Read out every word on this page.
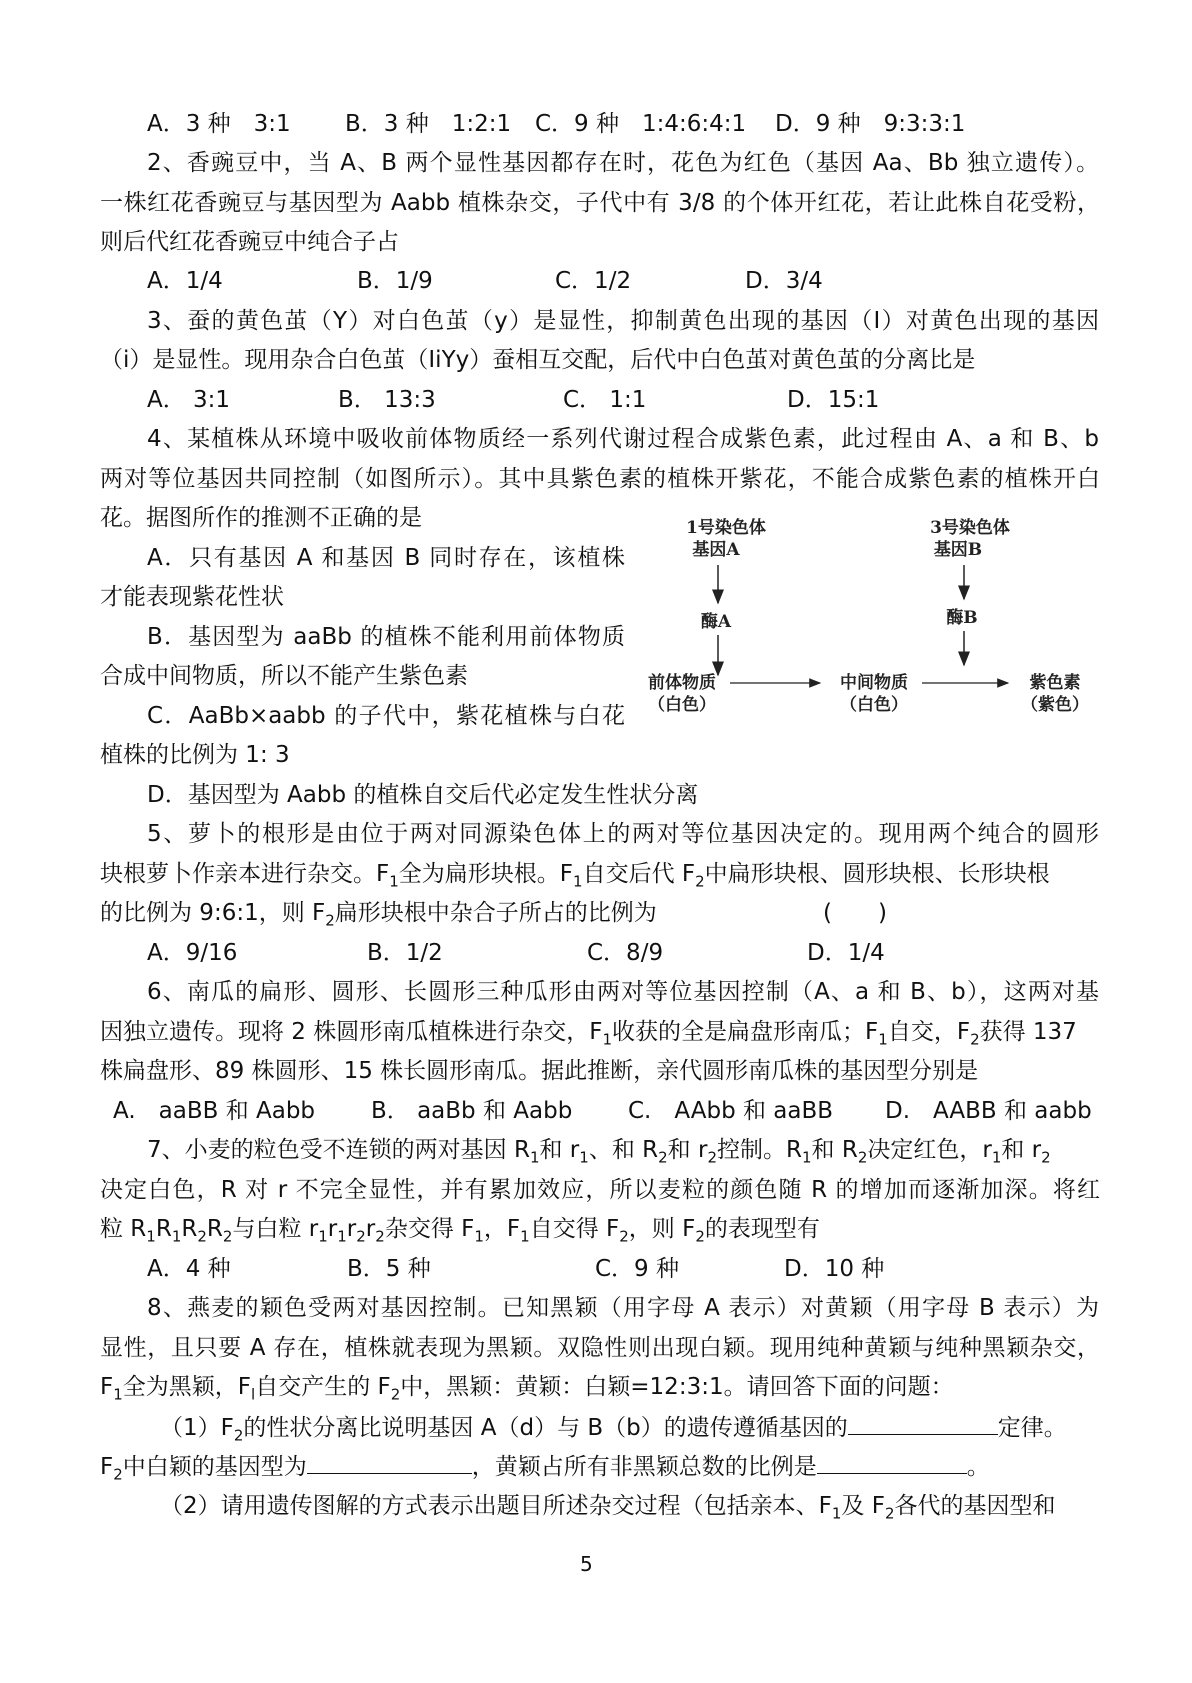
A．3 种　3:1 B．3 种　1:2:1 C．9 种　1:4:6:4:1 D．9 种　9:3:3:1
2、香豌豆中，当 A、B 两个显性基因都存在时，花色为红色（基因 Aa、Bb 独立遗传）。
一株红花香豌豆与基因型为 Aabb 植株杂交，子代中有 3/8 的个体开红花，若让此株自花受粉，
则后代红花香豌豆中纯合子占
A．1/4	B．1/9	C．1/2	D．3/4
3、蚕的黄色茧（Y）对白色茧（y）是显性，抑制黄色出现的基因（I）对黄色出现的基因
（i）是显性。现用杂合白色茧（IiYy）蚕相互交配，后代中白色茧对黄色茧的分离比是
A． 3:1	B． 13:3	C． 1:1	D．15:1
4、某植株从环境中吸收前体物质经一系列代谢过程合成紫色素，此过程由 A、a 和 B、b
两对等位基因共同控制（如图所示）。其中具紫色素的植株开紫花，不能合成紫色素的植株开白
花。据图所作的推测不正确的是
A．只有基因 A 和基因 B 同时存在，该植株
才能表现紫花性状
B．基因型为 aaBb 的植株不能利用前体物质
合成中间物质，所以不能产生紫色素
C．AaBb×aabb 的子代中，紫花植株与白花
植株的比例为 1: 3
D．基因型为 Aabb 的植株自交后代必定发生性状分离
1号染色体
基因A
酶A
3号染色体
基因B
酶B
前体物质
（白色）
中间物质
（白色）
紫色素
（紫色）
5、萝卜的根形是由位于两对同源染色体上的两对等位基因决定的。现用两个纯合的圆形
块根萝卜作亲本进行杂交。$F_1$全为扁形块根。$F_1$自交后代 $F_2$中扁形块根、圆形块根、长形块根
的比例为 9:6:1，则 $F_2$扁形块根中杂合子所占的比例为	(　　)
A．9/16	B．1/2	C．8/9	D．1/4
6、南瓜的扁形、圆形、长圆形三种瓜形由两对等位基因控制（A、a 和 B、b），这两对基
因独立遗传。现将 2 株圆形南瓜植株进行杂交，$F_1$收获的全是扁盘形南瓜；$F_1$自交，$F_2$获得 137
株扁盘形、89 株圆形、15 株长圆形南瓜。据此推断，亲代圆形南瓜株的基因型分别是
A.　aaBB 和 Aabb B． aaBb 和 Aabb C.　AAbb 和 aaBB D.　AABB 和 aabb
7、小麦的粒色受不连锁的两对基因 $R_1$和 $r_1$、和 $R_2$和 $r_2$控制。$R_1$和 $R_2$决定红色，$r_1$和 $r_2$
决定白色，R 对 r 不完全显性，并有累加效应，所以麦粒的颜色随 R 的增加而逐渐加深。将红
粒 $R_1R_1R_2R_2$与白粒 $r_1r_1r_2r_2$杂交得 $F_1$，$F_1$自交得 $F_2$，则 $F_2$的表现型有
A．4 种	B．5 种	C．9 种	D．10 种
8、燕麦的颖色受两对基因控制。已知黑颖（用字母 A 表示）对黄颖（用字母 B 表示）为
显性，且只要 A 存在，植株就表现为黑颖。双隐性则出现白颖。现用纯种黄颖与纯种黑颖杂交，
$F_1$全为黑颖，$F_l$自交产生的 $F_2$中，黑颖：黄颖：白颖=12:3:1。请回答下面的问题：
$(1)F_2$的性状分离比说明基因 A（d）与 B（b）的遗传遵循基因的	定律。
$F_2$中白颖的基因型为	，黄颖占所有非黑颖总数的比例是	。
（2）请用遗传图解的方式表示出题目所述杂交过程（包括亲本、$F_1$及 $F_2$各代的基因型和
5
